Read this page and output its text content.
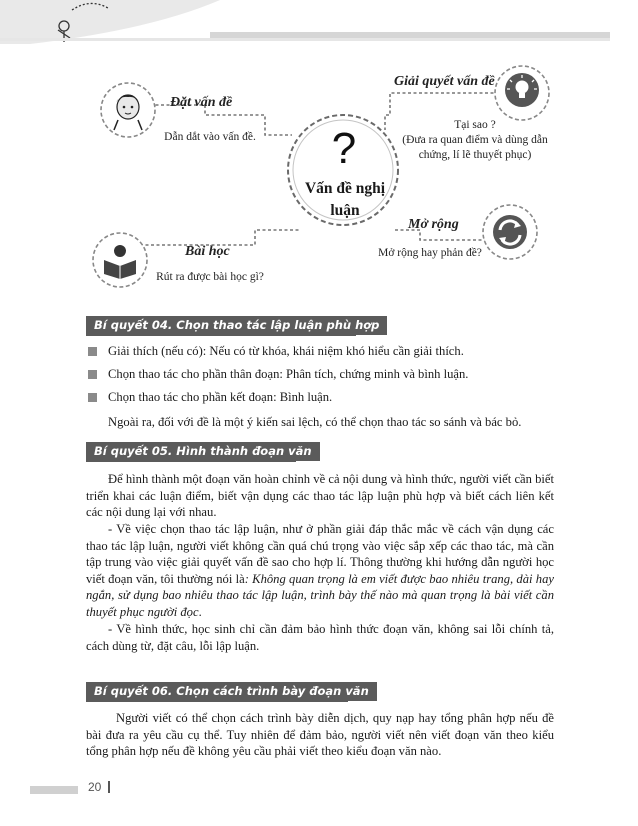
Đặt vấn đề
Dẫn dắt vào vấn đề.
Giải quyết vấn đề
Tại sao ?
(Đưa ra quan điểm và dùng dẫn
chứng, lí lẽ thuyết phục)
Mở rộng
Mở rộng hay phản đề?
Bài học
Rút ra được bài học gì?
?
Vấn đề nghị luận
Bí quyết 04. Chọn thao tác lập luận phù hợp
Giải thích (nếu có): Nếu có từ khóa, khái niệm khó hiểu cần giải thích.
Chọn thao tác cho phần thân đoạn: Phân tích, chứng minh và bình luận.
Chọn thao tác cho phần kết đoạn: Bình luận.
Ngoài ra, đối với đề là một ý kiến sai lệch, có thể chọn thao tác so sánh và bác bỏ.
Bí quyết 05. Hình thành đoạn văn
Để hình thành một đoạn văn hoàn chỉnh về cả nội dung và hình thức, người viết cần biết triển khai các luận điểm, biết vận dụng các thao tác lập luận phù hợp và biết cách liên kết các nội dung lại với nhau.
- Về việc chọn thao tác lập luận, như ở phần giải đáp thắc mắc về cách vận dụng các thao tác lập luận, người viết không cần quá chú trọng vào việc sắp xếp các thao tác, mà cần tập trung vào việc giải quyết vấn đề sao cho hợp lí. Thông thường khi hướng dẫn người học viết đoạn văn, tôi thường nói là: Không quan trọng là em viết được bao nhiêu trang, dài hay ngắn, sử dụng bao nhiêu thao tác lập luận, trình bày thế nào mà quan trọng là bài viết cần thuyết phục người đọc.
- Về hình thức, học sinh chỉ cần đảm bảo hình thức đoạn văn, không sai lỗi chính tả, cách dùng từ, đặt câu, lỗi lập luận.
Bí quyết 06. Chọn cách trình bày đoạn văn
Người viết có thể chọn cách trình bày diễn dịch, quy nạp hay tổng phân hợp nếu đề bài đưa ra yêu cầu cụ thể. Tuy nhiên để đảm bảo, người viết nên viết đoạn văn theo kiểu tổng phân hợp nếu đề không yêu cầu phải viết theo kiểu đoạn văn nào.
20
